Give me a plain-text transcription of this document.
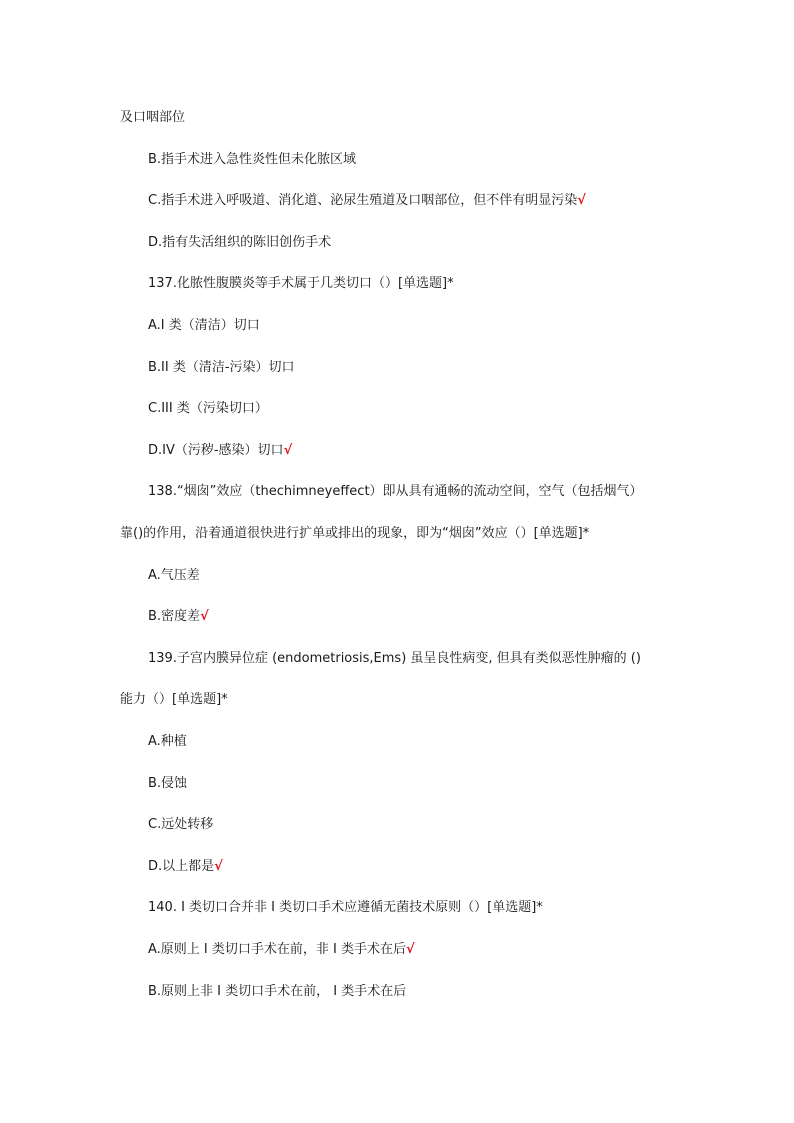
及口咽部位
B.指手术进入急性炎性但未化脓区域
C.指手术进入呼吸道、消化道、泌尿生殖道及口咽部位，但不伴有明显污染√
D.指有失活组织的陈旧创伤手术
137.化脓性腹膜炎等手术属于几类切口（）[单选题]*
A.I 类（清洁）切口
B.II 类（清洁-污染）切口
C.III 类（污染切口）
D.IV（污秽-感染）切口√
138.“烟囱”效应（thechimneyeffect）即从具有通畅的流动空间，空气（包括烟气）
靠()的作用，沿着通道很快进行扩单或排出的现象，即为“烟囱”效应（）[单选题]*
A.气压差
B.密度差√
139.子宫内膜异位症 (endometriosis,Ems) 虽呈良性病变, 但具有类似恶性肿瘤的 ()
能力（）[单选题]*
A.种植
B.侵蚀
C.远处转移
D.以上都是√
140. I 类切口合并非 I 类切口手术应遵循无菌技术原则（）[单选题]*
A.原则上 I 类切口手术在前，非 I 类手术在后√
B.原则上非 I 类切口手术在前， I 类手术在后
